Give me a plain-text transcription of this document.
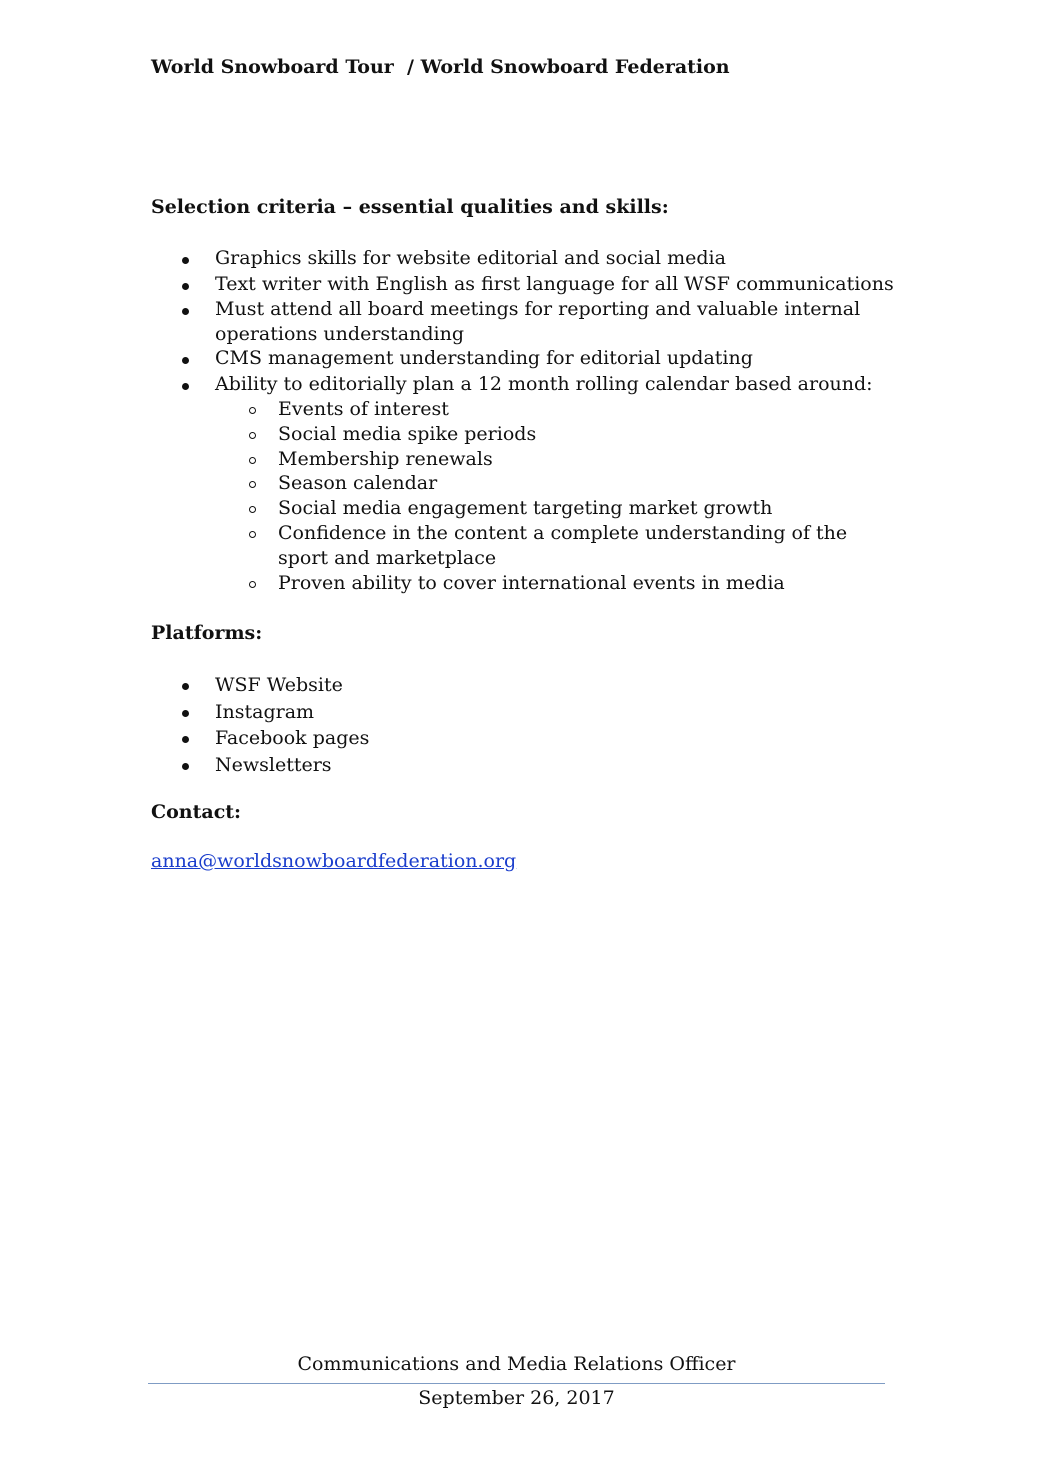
World Snowboard Tour  / World Snowboard Federation
Selection criteria – essential qualities and skills:
Graphics skills for website editorial and social media
Text writer with English as first language for all WSF communications
Must attend all board meetings for reporting and valuable internal operations understanding
CMS management understanding for editorial updating
Ability to editorially plan a 12 month rolling calendar based around:
Events of interest
Social media spike periods
Membership renewals
Season calendar
Social media engagement targeting market growth
Confidence in the content a complete understanding of the sport and marketplace
Proven ability to cover international events in media
Platforms:
WSF Website
Instagram
Facebook pages
Newsletters
Contact:
anna@worldsnowboardfederation.org
Communications and Media Relations Officer
September 26, 2017
